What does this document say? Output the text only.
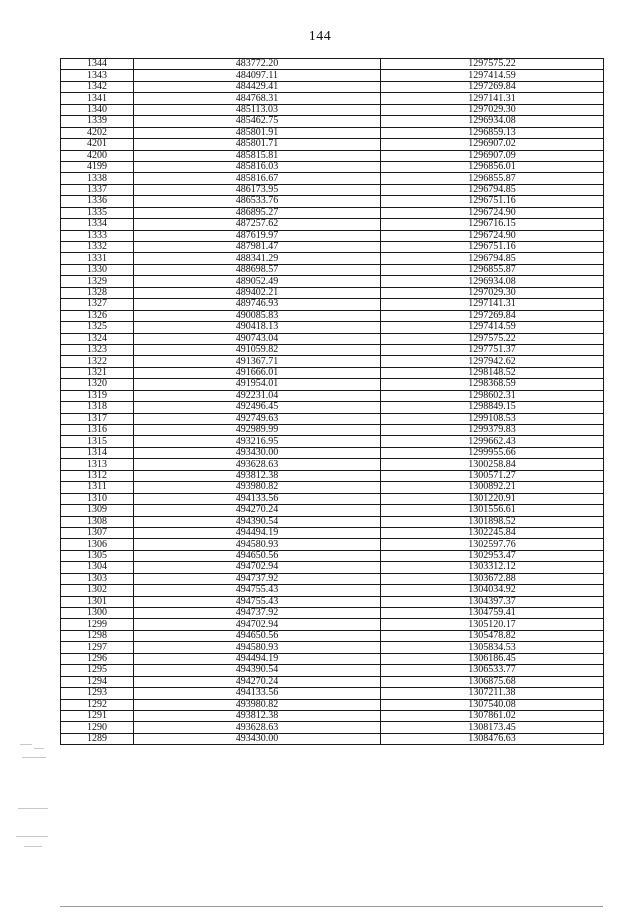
144
1344	483772.20	1297575.22
1343	484097.11	1297414.59
1342	484429.41	1297269.84
1341	484768.31	1297141.31
1340	485113.03	1297029.30
1339	485462.75	1296934.08
4202	485801.91	1296859.13
4201	485801.71	1296907.02
4200	485815.81	1296907.09
4199	485816.03	1296856.01
1338	485816.67	1296855.87
1337	486173.95	1296794.85
1336	486533.76	1296751.16
1335	486895.27	1296724.90
1334	487257.62	1296716.15
1333	487619.97	1296724.90
1332	487981.47	1296751.16
1331	488341.29	1296794.85
1330	488698.57	1296855.87
1329	489052.49	1296934.08
1328	489402.21	1297029.30
1327	489746.93	1297141.31
1326	490085.83	1297269.84
1325	490418.13	1297414.59
1324	490743.04	1297575.22
1323	491059.82	1297751.37
1322	491367.71	1297942.62
1321	491666.01	1298148.52
1320	491954.01	1298368.59
1319	492231.04	1298602.31
1318	492496.45	1298849.15
1317	492749.63	1299108.53
1316	492989.99	1299379.83
1315	493216.95	1299662.43
1314	493430.00	1299955.66
1313	493628.63	1300258.84
1312	493812.38	1300571.27
1311	493980.82	1300892.21
1310	494133.56	1301220.91
1309	494270.24	1301556.61
1308	494390.54	1301898.52
1307	494494.19	1302245.84
1306	494580.93	1302597.76
1305	494650.56	1302953.47
1304	494702.94	1303312.12
1303	494737.92	1303672.88
1302	494755.43	1304034.92
1301	494755.43	1304397.37
1300	494737.92	1304759.41
1299	494702.94	1305120.17
1298	494650.56	1305478.82
1297	494580.93	1305834.53
1296	494494.19	1306186.45
1295	494390.54	1306533.77
1294	494270.24	1306875.68
1293	494133.56	1307211.38
1292	493980.82	1307540.08
1291	493812.38	1307861.02
1290	493628.63	1308173.45
1289	493430.00	1308476.63
